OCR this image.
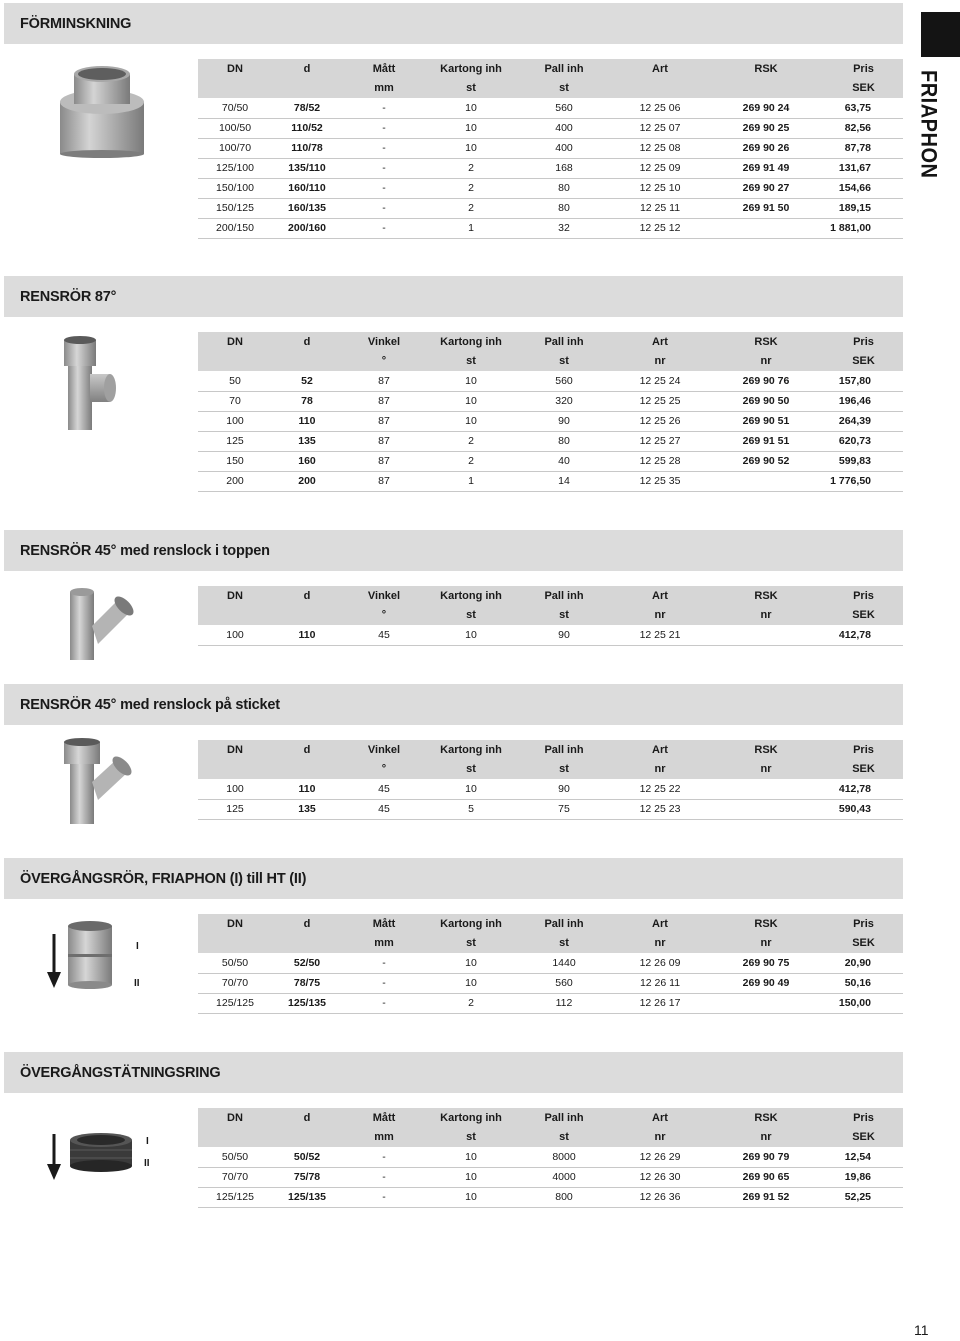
FRIAPHON
FÖRMINSKNING
DN	d	Mått	Kartong inh	Pall inh	Art	RSK	Pris
		mm	st	st			SEK
70/50	78/52	-	10	560	12 25 06	269 90 24	63,75
100/50	110/52	-	10	400	12 25 07	269 90 25	82,56
100/70	110/78	-	10	400	12 25 08	269 90 26	87,78
125/100	135/110	-	2	168	12 25 09	269 91 49	131,67
150/100	160/110	-	2	80	12 25 10	269 90 27	154,66
150/125	160/135	-	2	80	12 25 11	269 91 50	189,15
200/150	200/160	-	1	32	12 25 12		1 881,00
RENSRÖR 87°
DN	d	Vinkel	Kartong inh	Pall inh	Art	RSK	Pris
		°	st	st	nr	nr	SEK
50	52	87	10	560	12 25 24	269 90 76	157,80
70	78	87	10	320	12 25 25	269 90 50	196,46
100	110	87	10	90	12 25 26	269 90 51	264,39
125	135	87	2	80	12 25 27	269 91 51	620,73
150	160	87	2	40	12 25 28	269 90 52	599,83
200	200	87	1	14	12 25 35		1 776,50
RENSRÖR 45° med renslock i toppen
DN	d	Vinkel	Kartong inh	Pall inh	Art	RSK	Pris
		°	st	st	nr	nr	SEK
100	110	45	10	90	12 25 21		412,78
RENSRÖR 45° med renslock på sticket
DN	d	Vinkel	Kartong inh	Pall inh	Art	RSK	Pris
		°	st	st	nr	nr	SEK
100	110	45	10	90	12 25 22		412,78
125	135	45	5	75	12 25 23		590,43
ÖVERGÅNGSRÖR, FRIAPHON (I) till HT (II)
I
II
DN	d	Mått	Kartong inh	Pall inh	Art	RSK	Pris
		mm	st	st	nr	nr	SEK
50/50	52/50	-	10	1440	12 26 09	269 90 75	20,90
70/70	78/75	-	10	560	12 26 11	269 90 49	50,16
125/125	125/135	-	2	112	12 26 17		150,00
ÖVERGÅNGSTÄTNINGSRING
I
II
DN	d	Mått	Kartong inh	Pall inh	Art	RSK	Pris
		mm	st	st	nr	nr	SEK
50/50	50/52	-	10	8000	12 26 29	269 90 79	12,54
70/70	75/78	-	10	4000	12 26 30	269 90 65	19,86
125/125	125/135	-	10	800	12 26 36	269 91 52	52,25
11
